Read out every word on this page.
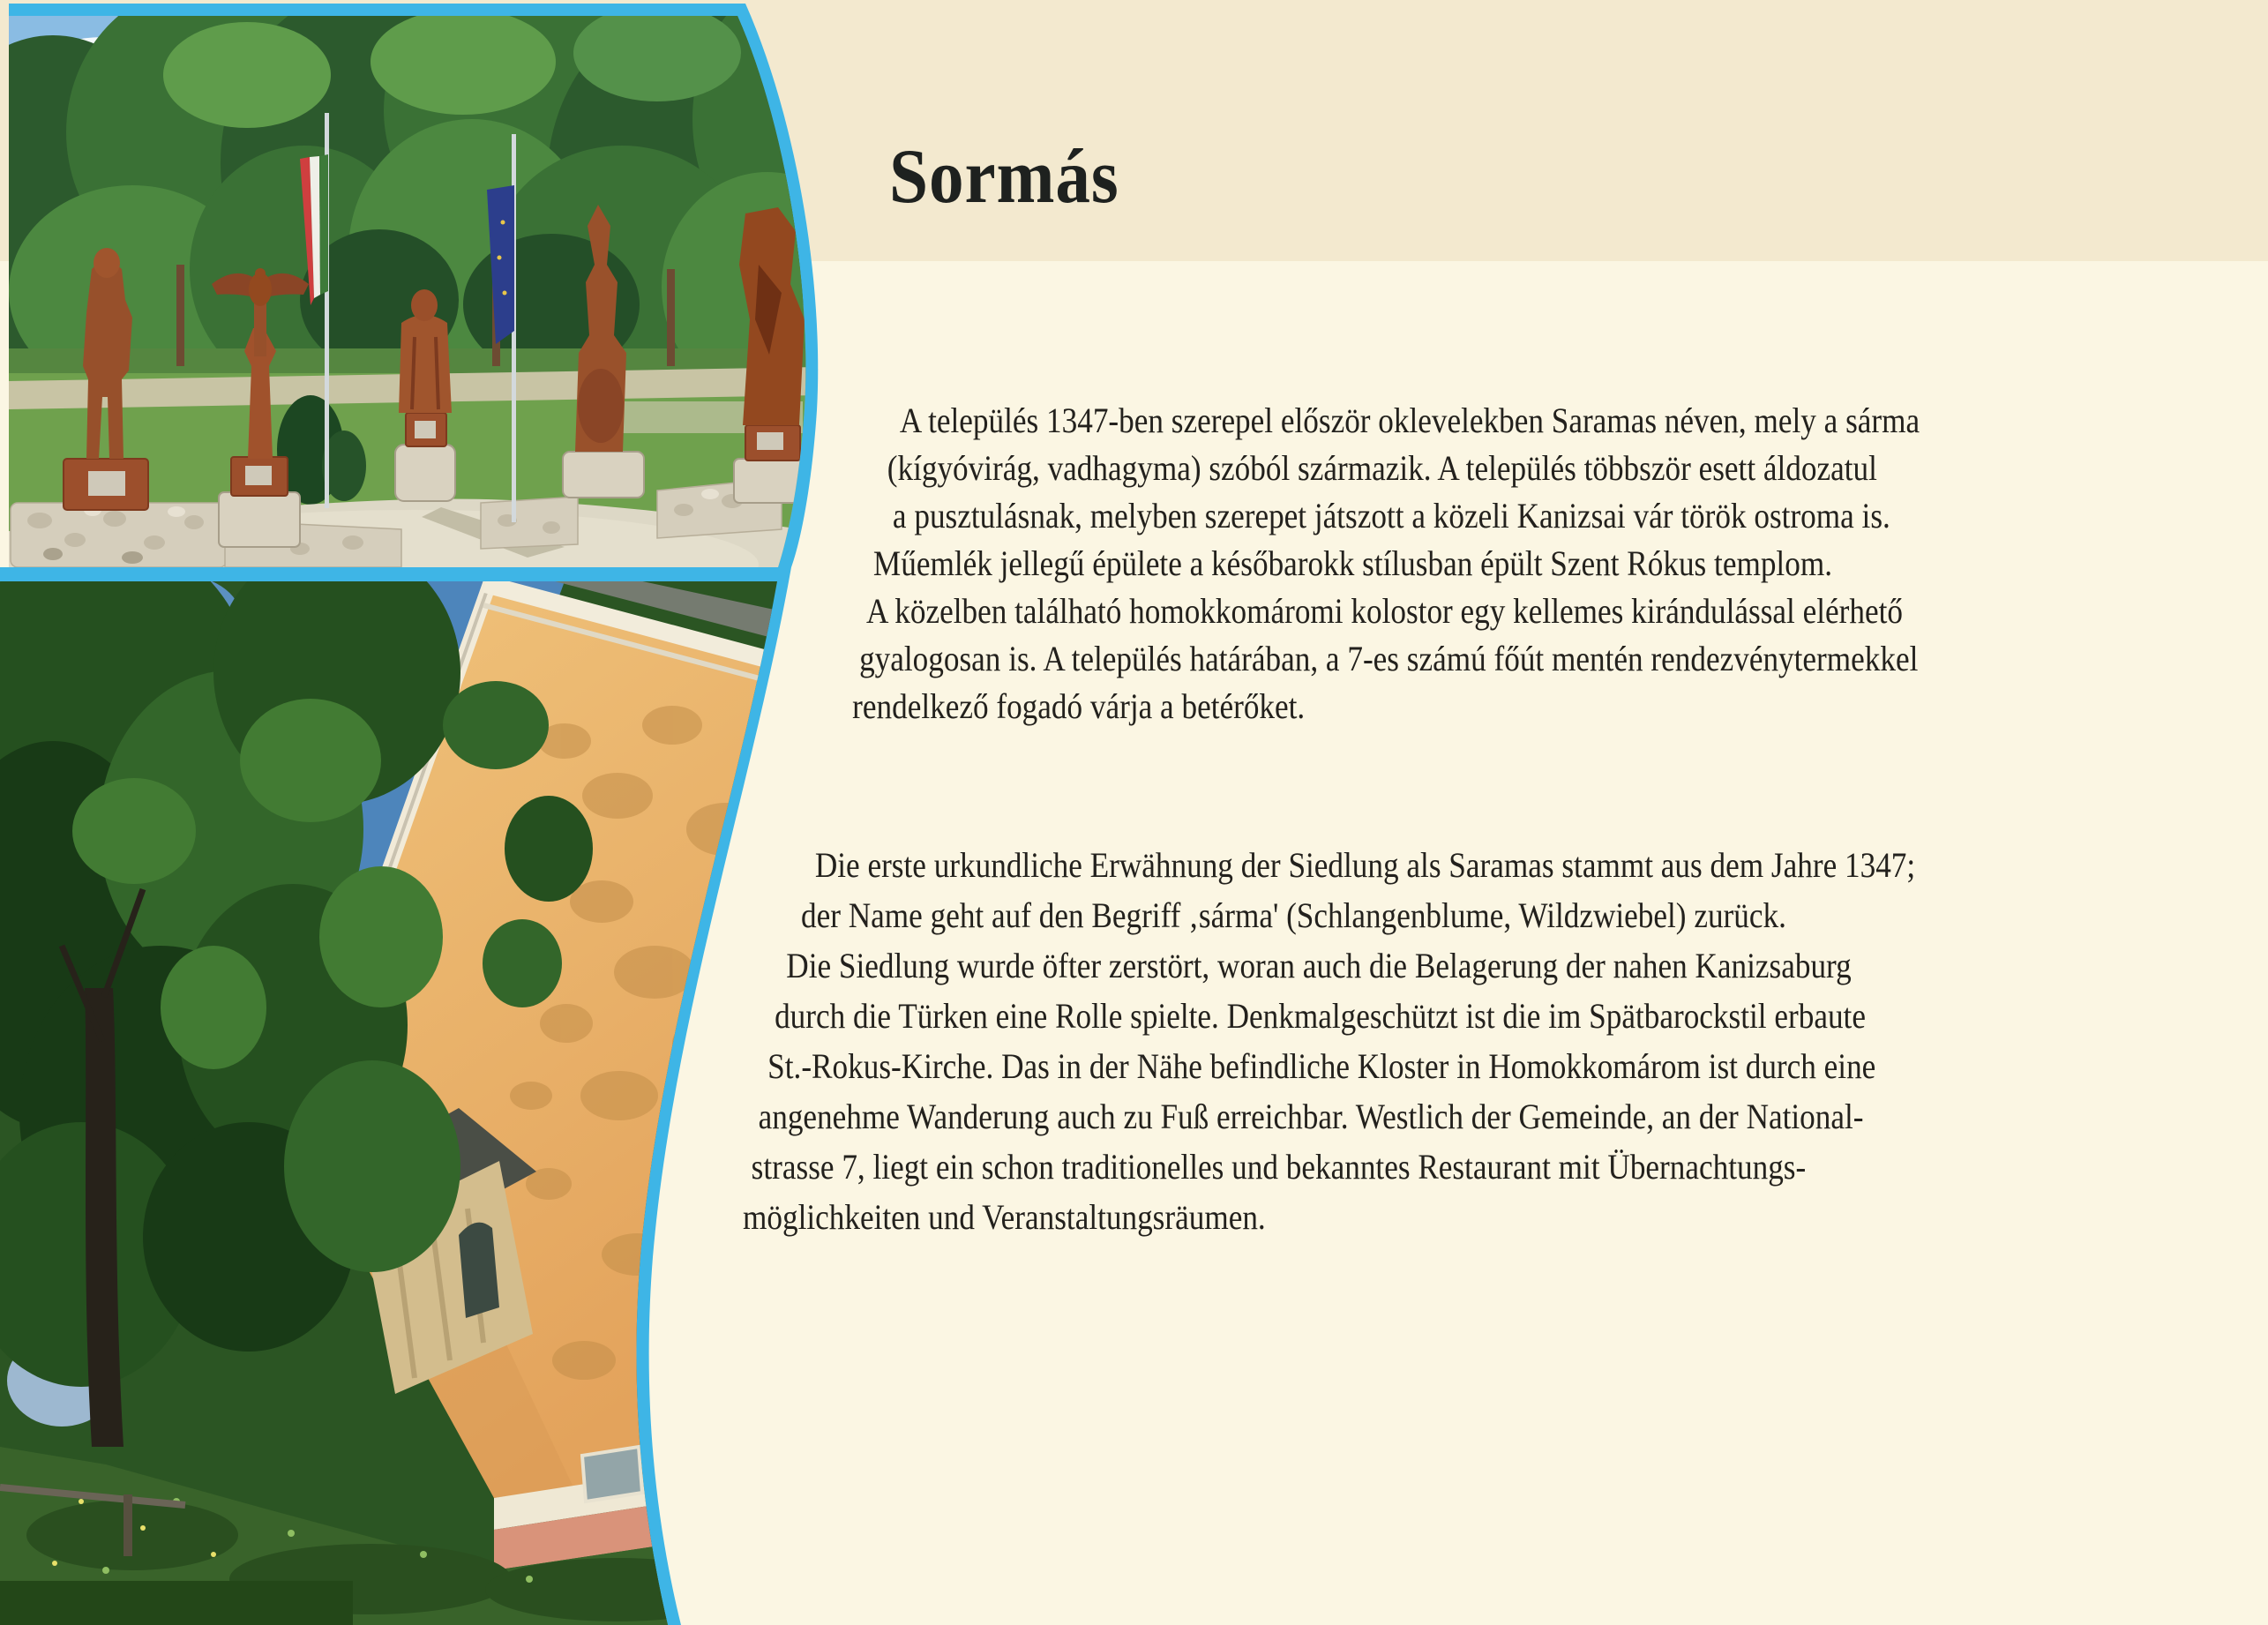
Sormás
A település 1347-ben szerepel először oklevelekben Saramas néven, mely a sárma
(kígyóvirág, vadhagyma) szóból származik. A település többször esett áldozatul
a pusztulásnak, melyben szerepet játszott a közeli Kanizsai vár török ostroma is.
Műemlék jellegű épülete a későbarokk stílusban épült Szent Rókus templom.
A közelben található homokkomáromi kolostor egy kellemes kirándulással elérhető
gyalogosan is. A település határában, a 7-es számú főút mentén rendezvénytermekkel
rendelkező fogadó várja a betérőket.
Die erste urkundliche Erwähnung der Siedlung als Saramas stammt aus dem Jahre 1347;
der Name geht auf den Begriff ‚sárma' (Schlangenblume, Wildzwiebel) zurück.
Die Siedlung wurde öfter zerstört, woran auch die Belagerung der nahen Kanizsaburg
durch die Türken eine Rolle spielte. Denkmalgeschützt ist die im Spätbarockstil erbaute
St.-Rokus-Kirche. Das in der Nähe befindliche Kloster in Homokkomárom ist durch eine
angenehme Wanderung auch zu Fuß erreichbar. Westlich der Gemeinde, an der National-
strasse 7, liegt ein schon traditionelles und bekanntes Restaurant mit Übernachtungs-
möglichkeiten und Veranstaltungsräumen.
